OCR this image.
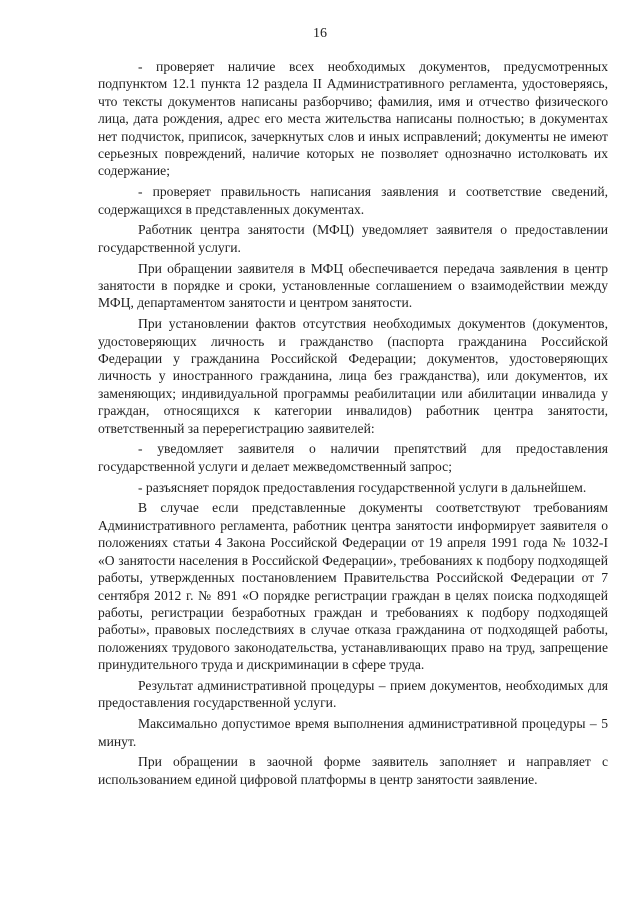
16

- проверяет наличие всех необходимых документов, предусмотренных подпунктом 12.1 пункта 12 раздела II Административного регламента, удостоверяясь, что тексты документов написаны разборчиво; фамилия, имя и отчество физического лица, дата рождения, адрес его места жительства написаны полностью; в документах нет подчисток, приписок, зачеркнутых слов и иных исправлений; документы не имеют серьезных повреждений, наличие которых не позволяет однозначно истолковать их содержание;

- проверяет правильность написания заявления и соответствие сведений, содержащихся в представленных документах.

Работник центра занятости (МФЦ) уведомляет заявителя о предоставлении государственной услуги.

При обращении заявителя в МФЦ обеспечивается передача заявления в центр занятости в порядке и сроки, установленные соглашением о взаимодействии между МФЦ, департаментом занятости и центром занятости.

При установлении фактов отсутствия необходимых документов (документов, удостоверяющих личность и гражданство (паспорта гражданина Российской Федерации у гражданина Российской Федерации; документов, удостоверяющих личность у иностранного гражданина, лица без гражданства), или документов, их заменяющих; индивидуальной программы реабилитации или абилитации инвалида у граждан, относящихся к категории инвалидов) работник центра занятости, ответственный за перерегистрацию заявителей:

- уведомляет заявителя о наличии препятствий для предоставления государственной услуги и делает межведомственный запрос;

- разъясняет порядок предоставления государственной услуги в дальнейшем.

В случае если представленные документы соответствуют требованиям Административного регламента, работник центра занятости информирует заявителя о положениях статьи 4 Закона Российской Федерации от 19 апреля 1991 года № 1032-I «О занятости населения в Российской Федерации», требованиях к подбору подходящей работы, утвержденных постановлением Правительства Российской Федерации от 7 сентября 2012 г. № 891 «О порядке регистрации граждан в целях поиска подходящей работы, регистрации безработных граждан и требованиях к подбору подходящей работы», правовых последствиях в случае отказа гражданина от подходящей работы, положениях трудового законодательства, устанавливающих право на труд, запрещение принудительного труда и дискриминации в сфере труда.

Результат административной процедуры – прием документов, необходимых для предоставления государственной услуги.

Максимально допустимое время выполнения административной процедуры – 5 минут.

При обращении в заочной форме заявитель заполняет и направляет с использованием единой цифровой платформы в центр занятости заявление.
